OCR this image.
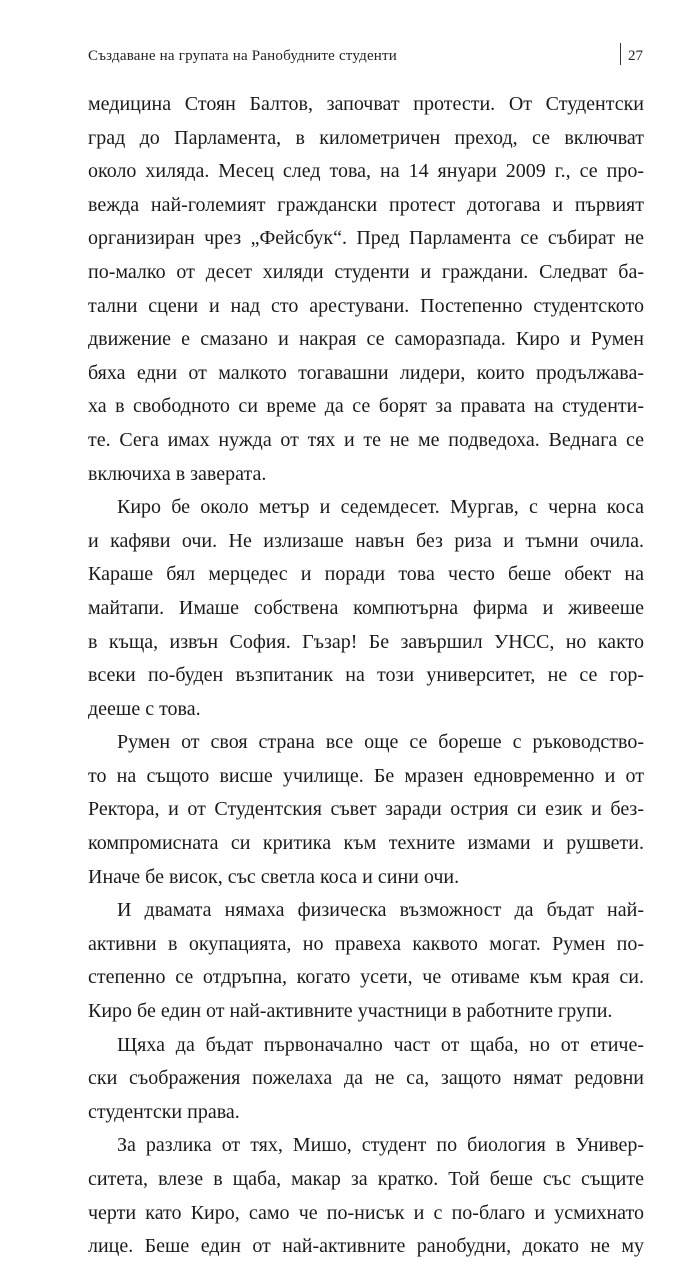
Създаване на групата на Ранобудните студенти	27
медицина Стоян Балтов, започват протести. От Студентски
град до Парламента, в километричен преход, се включват
около хиляда. Месец след това, на 14 януари 2009 г., се про-
вежда най-големият граждански протест дотогава и първият
организиран чрез „Фейсбук“. Пред Парламента се събират не
по-малко от десет хиляди студенти и граждани. Следват ба-
тални сцени и над сто арестувани. Постепенно студентското
движение е смазано и накрая се саморазпада. Киро и Румен
бяха едни от малкото тогавашни лидери, които продължава-
ха в свободното си време да се борят за правата на студенти-
те. Сега имах нужда от тях и те не ме подведоха. Веднага се
включиха в заверата.
Киро бе около метър и седемдесет. Мургав, с черна коса
и кафяви очи. Не излизаше навън без риза и тъмни очила.
Караше бял мерцедес и поради това често беше обект на
майтапи. Имаше собствена компютърна фирма и живееше
в къща, извън София. Гъзар! Бе завършил УНСС, но както
всеки по-буден възпитаник на този университет, не се гор-
дееше с това.
Румен от своя страна все още се бореше с ръководство-
то на същото висше училище. Бе мразен едновременно и от
Ректора, и от Студентския съвет заради острия си език и без-
компромисната си критика към техните измами и рушвети.
Иначе бе висок, със светла коса и сини очи.
И двамата нямаха физическа възможност да бъдат най-
активни в окупацията, но правеха каквото могат. Румен по-
степенно се отдръпна, когато усети, че отиваме към края си.
Киро бе един от най-активните участници в работните групи.
Щяха да бъдат първоначално част от щаба, но от етиче-
ски съображения пожелаха да не са, защото нямат редовни
студентски права.
За разлика от тях, Мишо, студент по биология в Универ-
ситета, влезе в щаба, макар за кратко. Той беше със същите
черти като Киро, само че по-нисък и с по-благо и усмихнато
лице. Беше един от най-активните ранобудни, докато не му
